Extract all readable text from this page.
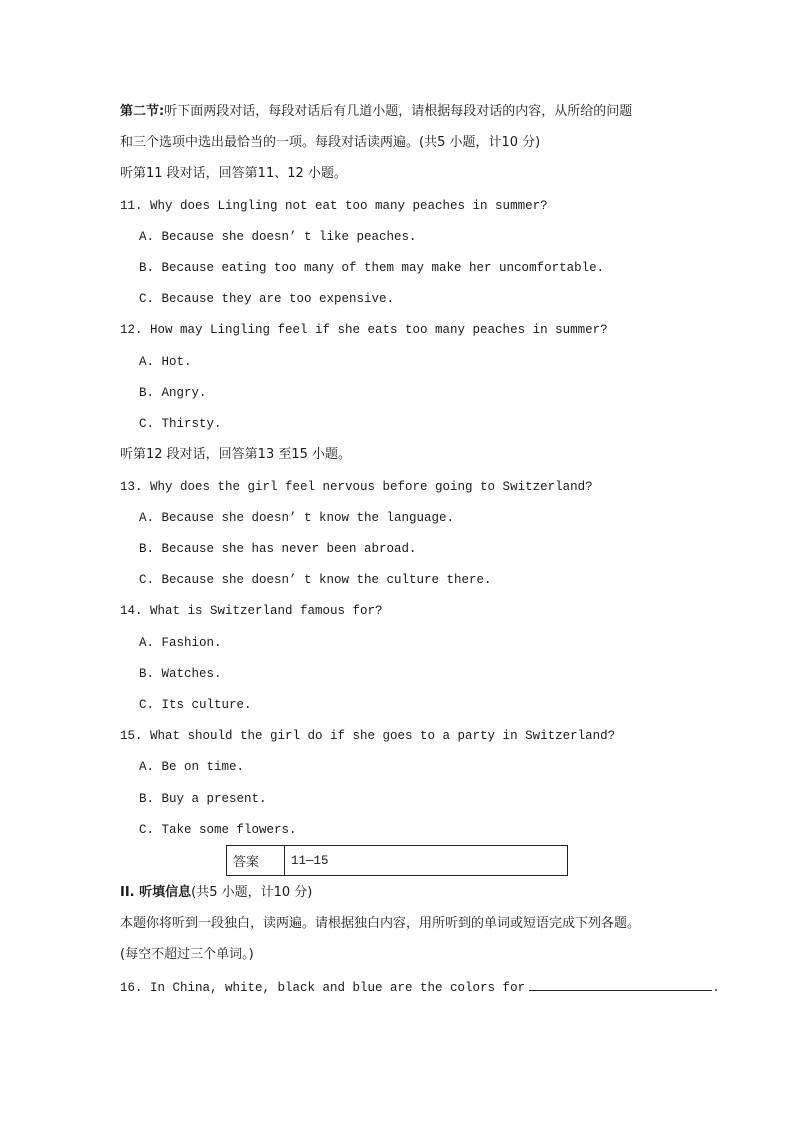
第二节:听下面两段对话，每段对话后有几道小题，请根据每段对话的内容，从所给的问题
和三个选项中选出最恰当的一项。每段对话读两遍。(共5 小题，计10 分)
听第11 段对话，回答第11、12 小题。
11. Why does Lingling not eat too many peaches in summer?
A. Because she doesn’ t like peaches.
B. Because eating too many of them may make her uncomfortable.
C. Because they are too expensive.
12. How may Lingling feel if she eats too many peaches in summer?
A. Hot.
B. Angry.
C. Thirsty.
听第12 段对话，回答第13 至15 小题。
13. Why does the girl feel nervous before going to Switzerland?
A. Because she doesn’ t know the language.
B. Because she has never been abroad.
C. Because she doesn’ t know the culture there.
14. What is Switzerland famous for?
A. Fashion.
B. Watches.
C. Its culture.
15. What should the girl do if she goes to a party in Switzerland?
A. Be on time.
B. Buy a present.
C. Take some flowers.
答案	11—15
II. 听填信息(共5 小题，计10 分)
本题你将听到一段独白，读两遍。请根据独白内容，用所听到的单词或短语完成下列各题。
(每空不超过三个单词。)
16. In China, white, black and blue are the colors for	.
